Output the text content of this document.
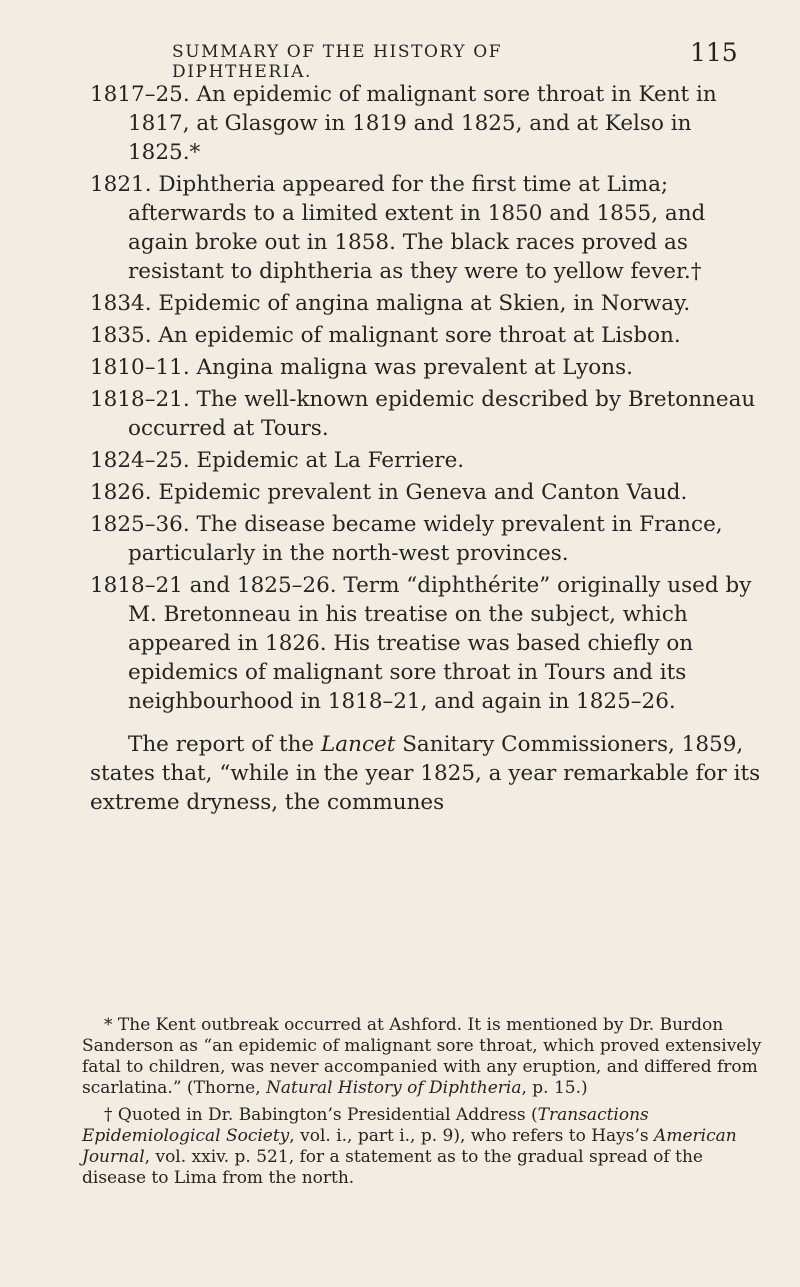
SUMMARY OF THE HISTORY OF DIPHTHERIA.
115

1817–25. An epidemic of malignant sore throat in Kent in 1817, at Glasgow in 1819 and 1825, and at Kelso in 1825.*

1821. Diphtheria appeared for the first time at Lima; afterwards to a limited extent in 1850 and 1855, and again broke out in 1858. The black races proved as resistant to diphtheria as they were to yellow fever.†

1834. Epidemic of angina maligna at Skien, in Norway.

1835. An epidemic of malignant sore throat at Lisbon.

1810–11. Angina maligna was prevalent at Lyons.

1818–21. The well-known epidemic described by Bretonneau occurred at Tours.

1824–25. Epidemic at La Ferriere.

1826. Epidemic prevalent in Geneva and Canton Vaud.

1825–36. The disease became widely prevalent in France, particularly in the north-west provinces.

1818–21 and 1825–26. Term “diphthérite” originally used by M. Bretonneau in his treatise on the subject, which appeared in 1826. His treatise was based chiefly on epidemics of malignant sore throat in Tours and its neighbourhood in 1818–21, and again in 1825–26.

The report of the Lancet Sanitary Commissioners, 1859, states that, “while in the year 1825, a year remarkable for its extreme dryness, the communes

* The Kent outbreak occurred at Ashford. It is mentioned by Dr. Burdon Sanderson as “an epidemic of malignant sore throat, which proved extensively fatal to children, was never accompanied with any eruption, and differed from scarlatina.” (Thorne, Natural History of Diphtheria, p. 15.)

† Quoted in Dr. Babington’s Presidential Address (Transactions Epidemiological Society, vol. i., part i., p. 9), who refers to Hays’s American Journal, vol. xxiv. p. 521, for a statement as to the gradual spread of the disease to Lima from the north.
